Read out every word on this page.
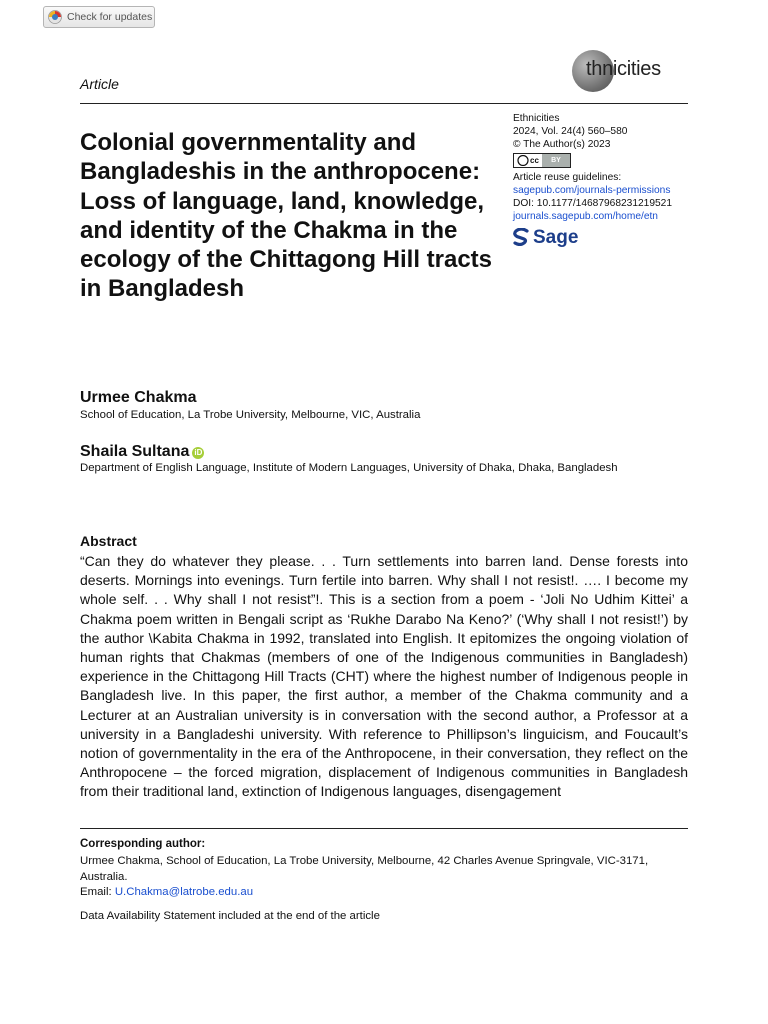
Check for updates
thnicities
Article
Ethnicities
2024, Vol. 24(4) 560–580
© The Author(s) 2023
cc BY
Article reuse guidelines:
sagepub.com/journals-permissions
DOI: 10.1177/14687968231219521
journals.sagepub.com/home/etn
Sage
Colonial governmentality and Bangladeshis in the anthropocene: Loss of language, land, knowledge, and identity of the Chakma in the ecology of the Chittagong Hill tracts in Bangladesh
Urmee Chakma
School of Education, La Trobe University, Melbourne, VIC, Australia
Shaila Sultana iD
Department of English Language, Institute of Modern Languages, University of Dhaka, Dhaka, Bangladesh
Abstract
“Can they do whatever they please. . . Turn settlements into barren land. Dense forests into deserts. Mornings into evenings. Turn fertile into barren. Why shall I not resist!. …. I become my whole self. . . Why shall I not resist”!. This is a section from a poem - ‘Joli No Udhim Kittei’ a Chakma poem written in Bengali script as ‘Rukhe Darabo Na Keno?’ (‘Why shall I not resist!’) by the author \Kabita Chakma in 1992, translated into English. It epitomizes the ongoing violation of human rights that Chakmas (members of one of the Indigenous communities in Bangladesh) experience in the Chittagong Hill Tracts (CHT) where the highest number of Indigenous people in Bangladesh live. In this paper, the first author, a member of the Chakma community and a Lecturer at an Australian university is in conversation with the second author, a Professor at a university in a Bangladeshi university. With reference to Phillipson’s linguicism, and Foucault’s notion of governmentality in the era of the Anthropocene, in their conversation, they reflect on the Anthropocene – the forced migration, displacement of Indigenous communities in Bangladesh from their traditional land, extinction of Indigenous languages, disengagement
Corresponding author:
Urmee Chakma, School of Education, La Trobe University, Melbourne, 42 Charles Avenue Springvale, VIC-3171, Australia.
Email: U.Chakma@latrobe.edu.au
Data Availability Statement included at the end of the article
